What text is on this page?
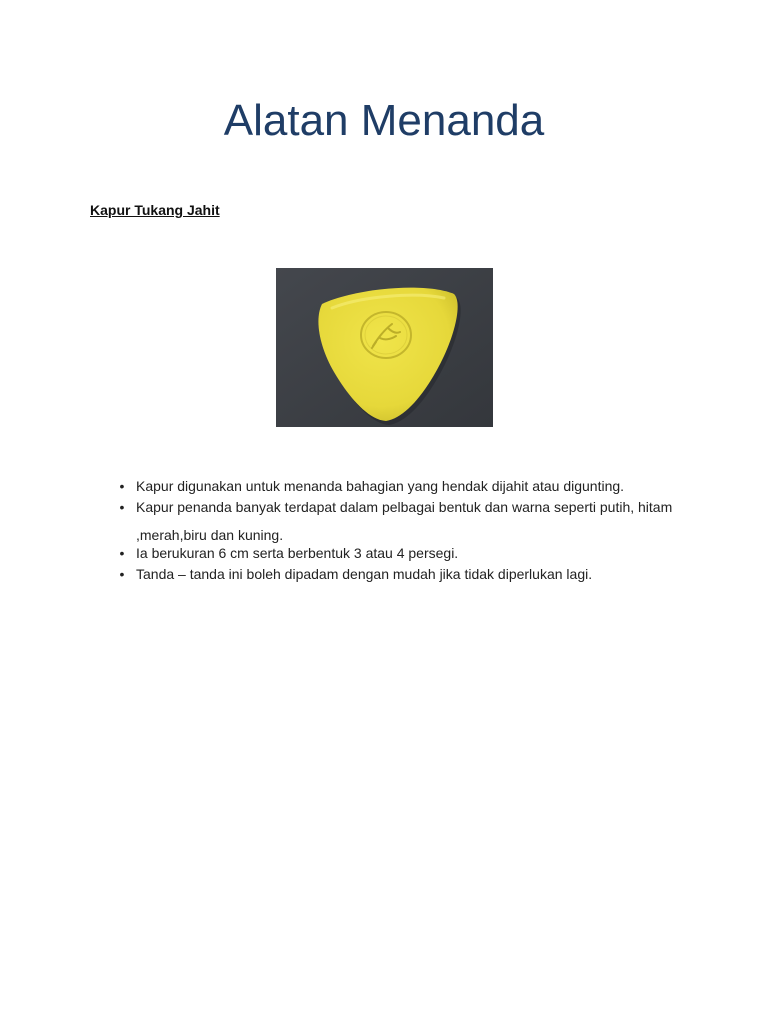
Alatan Menanda
Kapur Tukang Jahit
• Kapur digunakan untuk menanda bahagian yang hendak dijahit atau digunting.
• Kapur penanda banyak terdapat dalam pelbagai bentuk dan warna seperti putih, hitam ,merah,biru dan kuning.
• Ia berukuran 6 cm serta berbentuk 3 atau 4 persegi.
• Tanda – tanda ini boleh dipadam dengan mudah jika tidak diperlukan lagi.
